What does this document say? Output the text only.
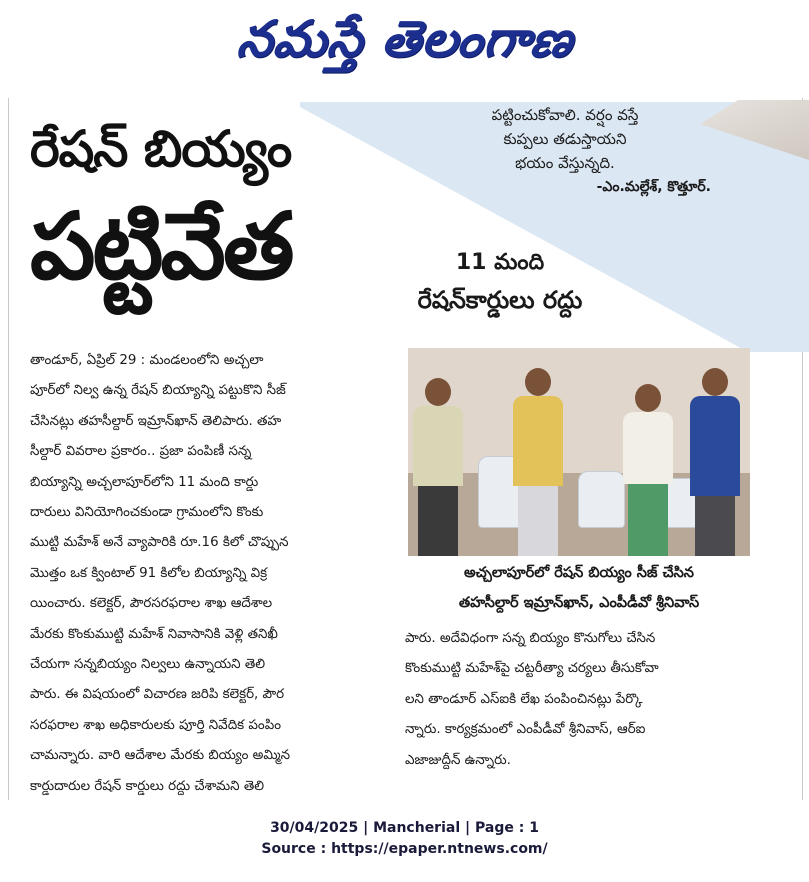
నమస్తే తెలంగాణ
పట్టించుకోవాలి. వర్షం వస్తే
కుప్పలు తడుస్తాయని
భయం వేస్తున్నది.
-ఎం.మల్లేశ్, కొత్తూర్.
రేషన్ బియ్యం
పట్టివేత	11 మంది
రేషన్‌కార్డులు రద్దు
తాండూర్, ఏప్రిల్ 29 : మండలంలోని అచ్చలా
పూర్‌లో నిల్వ ఉన్న రేషన్ బియ్యాన్ని పట్టుకొని సీజ్
చేసినట్లు తహసీల్దార్ ఇమ్రాన్‌ఖాన్ తెలిపారు. తహ
సీల్దార్ వివరాల ప్రకారం.. ప్రజా పంపిణీ సన్న
బియ్యాన్ని అచ్చలాపూర్‌లోని 11 మంది కార్డు
దారులు వినియోగించకుండా గ్రామంలోని కొంకు
ముట్టి మహేశ్ అనే వ్యాపారికి రూ.16 కిలో చొప్పున
మొత్తం ఒక క్వింటాల్ 91 కిలోల బియ్యాన్ని విక్ర
యించారు. కలెక్టర్, పౌరసరఫరాల శాఖ ఆదేశాల
మేరకు కొంకుముట్టి మహేశ్ నివాసానికి వెళ్లి తనిఖీ
చేయగా సన్నబియ్యం నిల్వలు ఉన్నాయని తెలి
పారు. ఈ విషయంలో విచారణ జరిపి కలెక్టర్, పౌర
సరఫరాల శాఖ అధికారులకు పూర్తి నివేదిక పంపిం
చామన్నారు. వారి ఆదేశాల మేరకు బియ్యం అమ్మిన
కార్డుదారుల రేషన్ కార్డులు రద్దు చేశామని తెలి
అచ్చలాపూర్‌లో రేషన్ బియ్యం సీజ్ చేసిన
తహసీల్దార్ ఇమ్రాన్‌ఖాన్, ఎంపీడీవో శ్రీనివాస్
పారు. అదేవిధంగా సన్న బియ్యం కొనుగోలు చేసిన
కొంకుముట్టి మహేశ్‌పై చట్టరీత్యా చర్యలు తీసుకోవా
లని తాండూర్ ఎస్ఐకి లేఖ పంపించినట్లు పేర్కొ
న్నారు. కార్యక్రమంలో ఎంపీడీవో శ్రీనివాస్, ఆర్ఐ
ఎజాజుద్దీన్ ఉన్నారు.
30/04/2025 | Mancherial | Page : 1
Source : https://epaper.ntnews.com/
